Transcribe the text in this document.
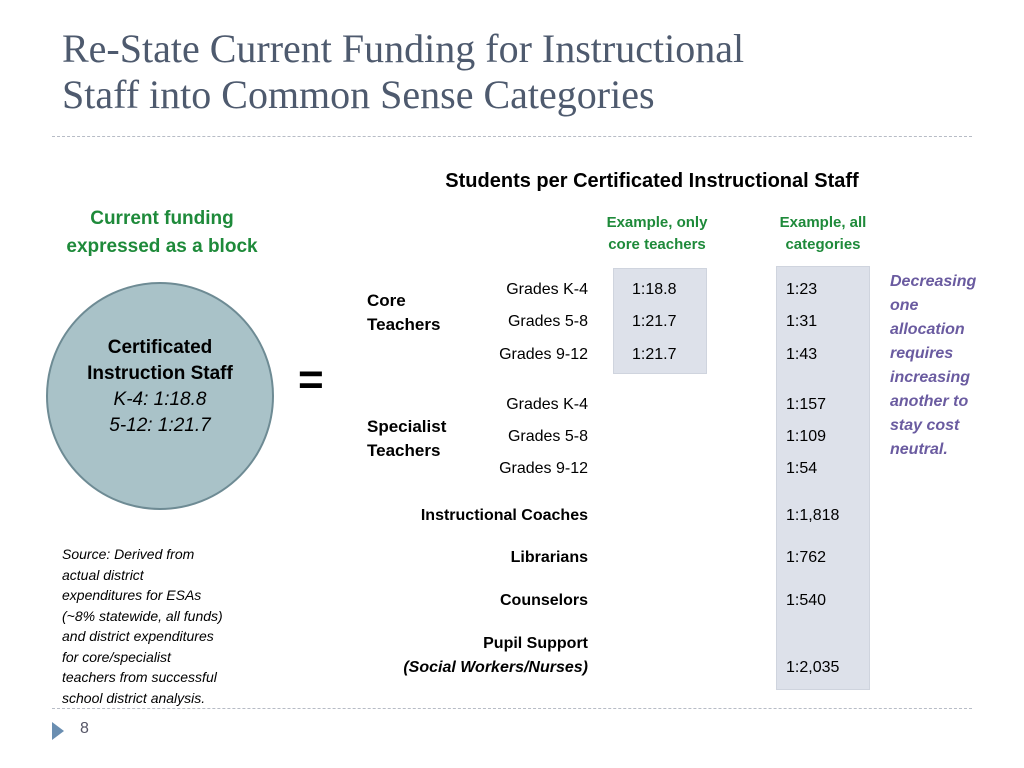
Re-State Current Funding for Instructional
Staff into Common Sense Categories
Current funding
expressed as a block
Certificated
Instruction Staff
K-4: 1:18.8
5-12: 1:21.7
=
Students per Certificated Instructional Staff
Example, only
core teachers
Example, all
categories
Core
Teachers
Grades K-4
Grades 5-8
Grades 9-12
1:18.8
1:21.7
1:21.7
1:23
1:31
1:43
Specialist
Teachers
Grades K-4
Grades 5-8
Grades 9-12
1:157
1:109
1:54
Instructional Coaches
Librarians
Counselors
1:1,818
1:762
1:540
Pupil Support
(Social Workers/Nurses)	1:2,035
Decreasing
one
allocation
requires
increasing
another to
stay cost
neutral.
Source: Derived from
actual district
expenditures for ESAs
(~8% statewide, all funds)
and district expenditures
for core/specialist
teachers from successful
school district analysis.
8
